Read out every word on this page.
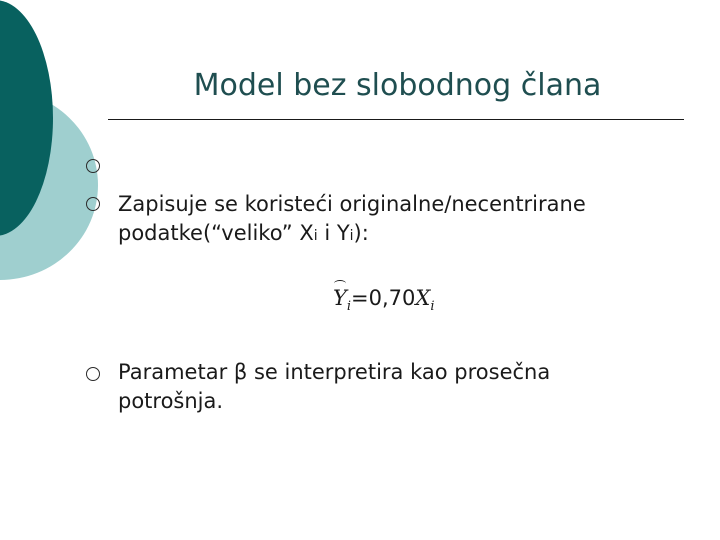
Model bez slobodnog člana
Zapisuje se koristeći originalne/necentrirane podatke(“veliko” Xi i Yi):
$Y_i=0,70X_i$
Parametar β se interpretira kao prosečna potrošnja.
